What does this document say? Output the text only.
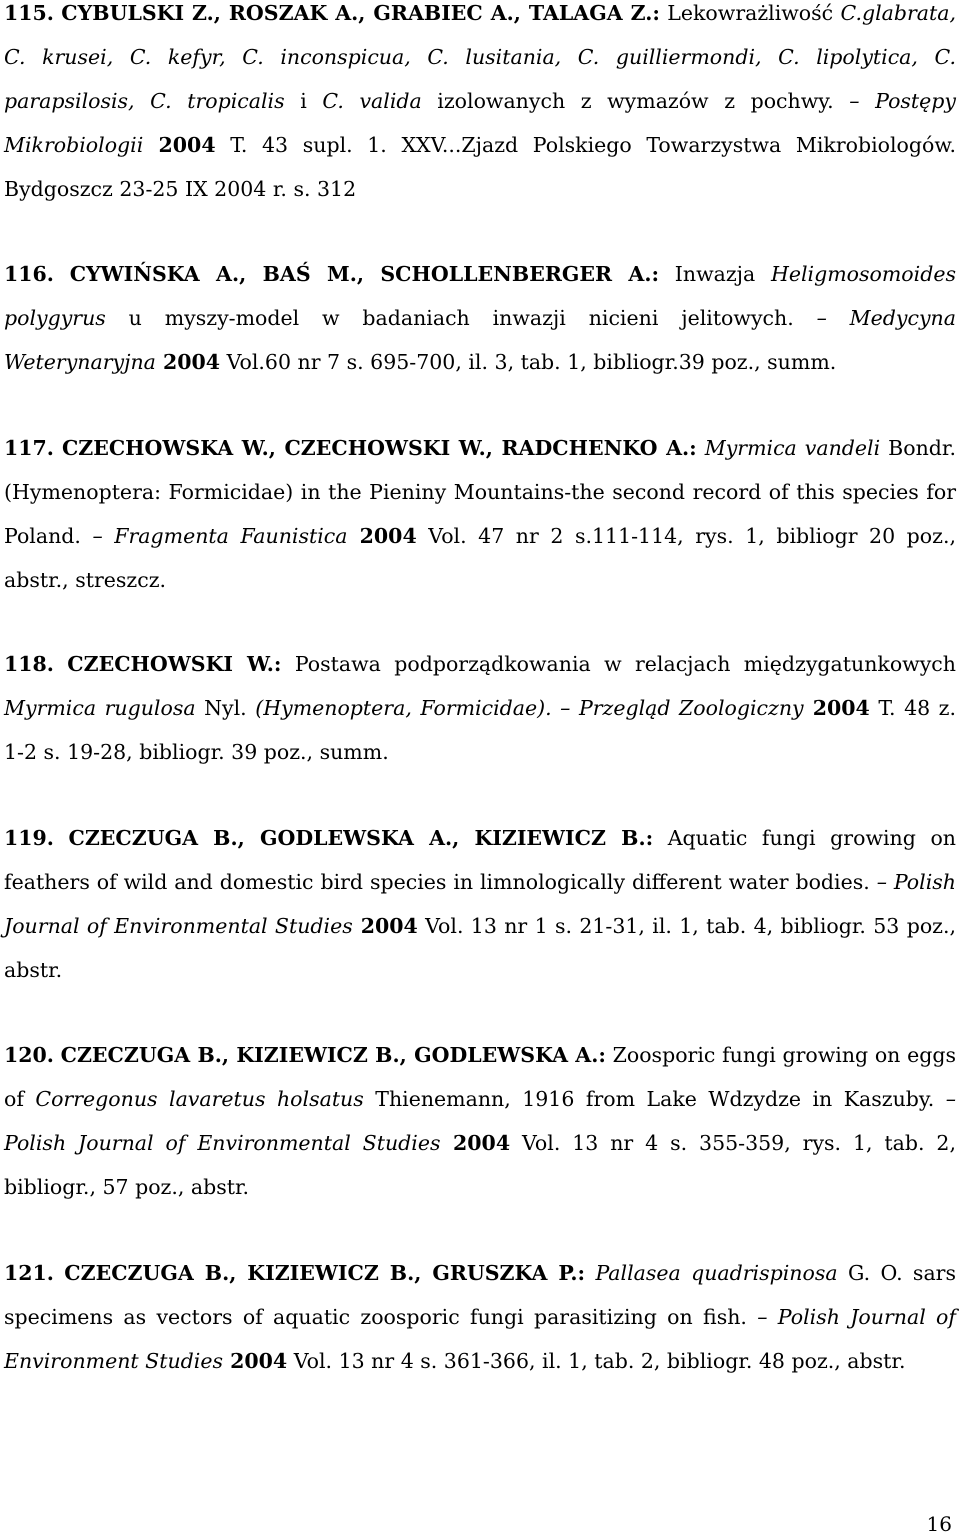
115. CYBULSKI Z., ROSZAK A., GRABIEC A., TALAGA Z.: Lekowrażliwość C.glabrata, C. krusei, C. kefyr, C. inconspicua, C. lusitania, C. guilliermondi, C. lipolytica, C. parapsilosis, C. tropicalis i C. valida izolowanych z wymazów z pochwy. – Postępy Mikrobiologii 2004 T. 43 supl. 1. XXV...Zjazd Polskiego Towarzystwa Mikrobiologów. Bydgoszcz 23-25 IX 2004 r. s. 312

116. CYWIŃSKA A., BAŚ M., SCHOLLENBERGER A.: Inwazja Heligmosomoides polygyrus u myszy-model w badaniach inwazji nicieni jelitowych. – Medycyna Weterynaryjna 2004 Vol.60 nr 7 s. 695-700, il. 3, tab. 1, bibliogr.39 poz., summ.

117. CZECHOWSKA W., CZECHOWSKI W., RADCHENKO A.: Myrmica vandeli Bondr. (Hymenoptera: Formicidae) in the Pieniny Mountains-the second record of this species for Poland. – Fragmenta Faunistica 2004 Vol. 47 nr 2 s.111-114, rys. 1, bibliogr 20 poz., abstr., streszcz.

118. CZECHOWSKI W.: Postawa podporządkowania w relacjach międzygatunkowych Myrmica rugulosa Nyl. (Hymenoptera, Formicidae). – Przegląd Zoologiczny 2004 T. 48 z. 1-2 s. 19-28, bibliogr. 39 poz., summ.

119. CZECZUGA B., GODLEWSKA A., KIZIEWICZ B.: Aquatic fungi growing on feathers of wild and domestic bird species in limnologically different water bodies. – Polish Journal of Environmental Studies 2004 Vol. 13 nr 1 s. 21-31, il. 1, tab. 4, bibliogr. 53 poz., abstr.

120. CZECZUGA B., KIZIEWICZ B., GODLEWSKA A.: Zoosporic fungi growing on eggs of Corregonus lavaretus holsatus Thienemann, 1916 from Lake Wdzydze in Kaszuby. – Polish Journal of Environmental Studies 2004 Vol. 13 nr 4 s. 355-359, rys. 1, tab. 2, bibliogr., 57 poz., abstr.

121. CZECZUGA B., KIZIEWICZ B., GRUSZKA P.: Pallasea quadrispinosa G. O. sars specimens as vectors of aquatic zoosporic fungi parasitizing on fish. – Polish Journal of Environment Studies 2004 Vol. 13 nr 4 s. 361-366, il. 1, tab. 2, bibliogr. 48 poz., abstr.

16
